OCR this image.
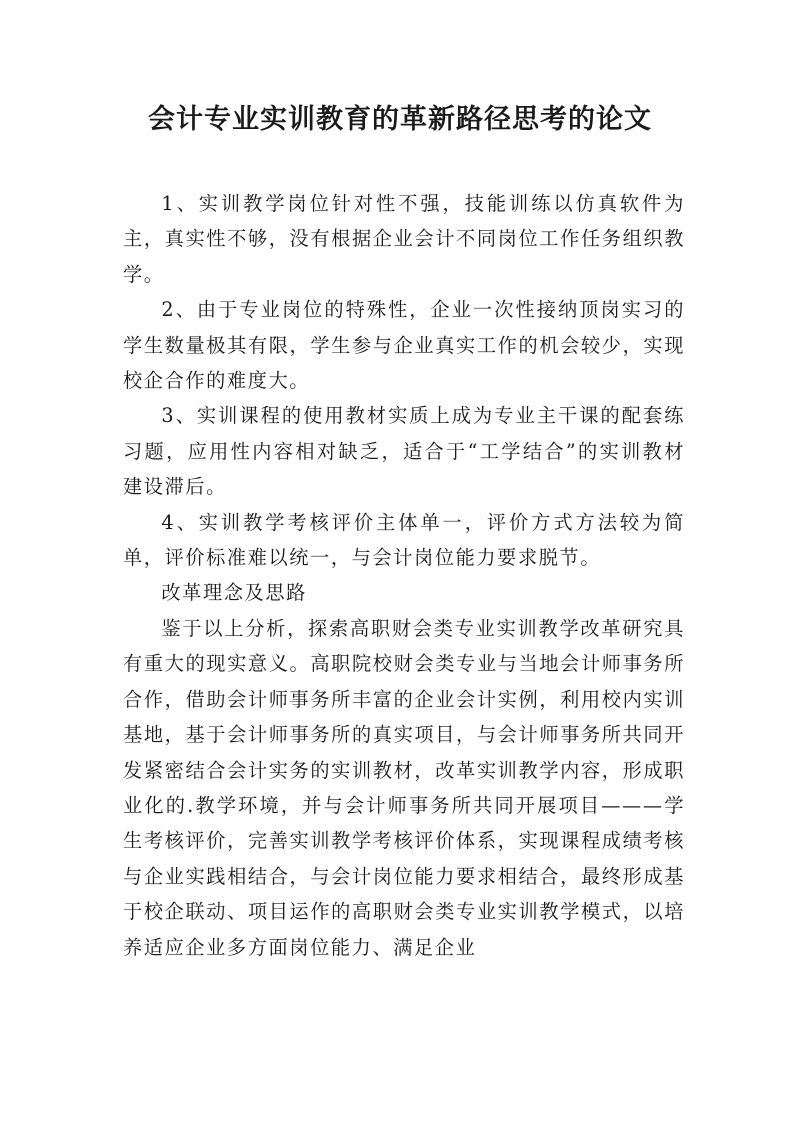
会计专业实训教育的革新路径思考的论文

1、实训教学岗位针对性不强，技能训练以仿真软件为主，真实性不够，没有根据企业会计不同岗位工作任务组织教学。

2、由于专业岗位的特殊性，企业一次性接纳顶岗实习的学生数量极其有限，学生参与企业真实工作的机会较少，实现校企合作的难度大。

3、实训课程的使用教材实质上成为专业主干课的配套练习题，应用性内容相对缺乏，适合于“工学结合”的实训教材建设滞后。

4、实训教学考核评价主体单一，评价方式方法较为简单，评价标准难以统一，与会计岗位能力要求脱节。

改革理念及思路

鉴于以上分析，探索高职财会类专业实训教学改革研究具有重大的现实意义。高职院校财会类专业与当地会计师事务所合作，借助会计师事务所丰富的企业会计实例，利用校内实训基地，基于会计师事务所的真实项目，与会计师事务所共同开发紧密结合会计实务的实训教材，改革实训教学内容，形成职业化的.教学环境，并与会计师事务所共同开展项目———学生考核评价，完善实训教学考核评价体系，实现课程成绩考核与企业实践相结合，与会计岗位能力要求相结合，最终形成基于校企联动、项目运作的高职财会类专业实训教学模式，以培养适应企业多方面岗位能力、满足企业
